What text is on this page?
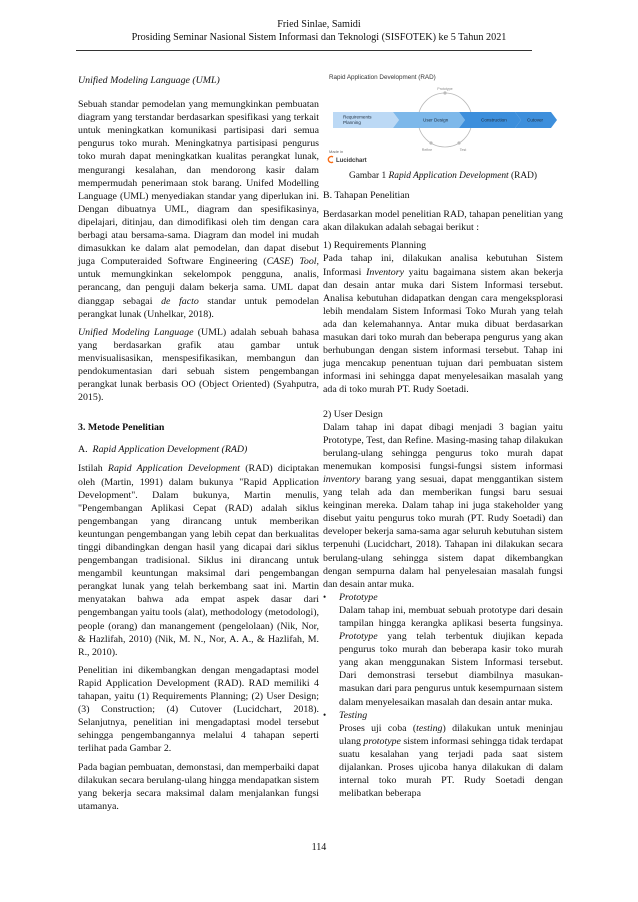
Fried Sinlae, Samidi
Prosiding Seminar Nasional Sistem Informasi dan Teknologi (SISFOTEK) ke 5 Tahun 2021
Unified Modeling Language (UML)

Sebuah standar pemodelan yang memungkinkan pembuatan diagram yang terstandar berdasarkan spesifikasi yang terkait untuk meningkatkan komunikasi partisipasi dari semua pengurus toko murah. Meningkatnya partisipasi pengurus toko murah dapat meningkatkan kualitas perangkat lunak, mengurangi kesalahan, dan mendorong kasir dalam mempermudah penerimaan stok barang. Unifed Modelling Language (UML) menyediakan standar yang diperlukan ini. Dengan dibuatnya UML, diagram dan spesifikasinya, dipelajari, ditinjau, dan dimodifikasi oleh tim dengan cara berbagi atau bersama-sama. Diagram dan model ini mudah dimasukkan ke dalam alat pemodelan, dan dapat disebut juga Computeraided Software Engineering (CASE) Tool, untuk memungkinkan sekelompok pengguna, analis, perancang, dan penguji dalam bekerja sama. UML dapat dianggap sebagai de facto standar untuk pemodelan perangkat lunak (Unhelkar, 2018).

Unified Modeling Language (UML) adalah sebuah bahasa yang berdasarkan grafik atau gambar untuk menvisualisasikan, menspesifikasikan, membangun dan pendokumentasian dari sebuah sistem pengembangan perangkat lunak berbasis OO (Object Oriented) (Syahputra, 2015).

3. Metode Penelitian
A. Rapid Application Development (RAD)

Istilah Rapid Application Development (RAD) diciptakan oleh (Martin, 1991) dalam bukunya "Rapid Application Development". Dalam bukunya, Martin menulis, "Pengembangan Aplikasi Cepat (RAD) adalah siklus pengembangan yang dirancang untuk memberikan keuntungan pengembangan yang lebih cepat dan berkualitas tinggi dibandingkan dengan hasil yang dicapai dari siklus pengembangan tradisional. Siklus ini dirancang untuk mengambil keuntungan maksimal dari pengembangan perangkat lunak yang telah berkembang saat ini. Martin menyatakan bahwa ada empat aspek dasar dari pengembangan yaitu tools (alat), methodology (metodologi), people (orang) dan manangement (pengelolaan) (Nik, Nor, & Hazlifah, 2010) (Nik, M. N., Nor, A. A., & Hazlifah, M. R., 2010).

Penelitian ini dikembangkan dengan mengadaptasi model Rapid Application Development (RAD). RAD memiliki 4 tahapan, yaitu (1) Requirements Planning; (2) User Design; (3) Construction; (4) Cutover (Lucidchart, 2018). Selanjutnya, penelitian ini mengadaptasi model tersebut sehingga pengembangannya melalui 4 tahapan seperti terlihat pada Gambar 2.

Pada bagian pembuatan, demonstasi, dan memperbaiki dapat dilakukan secara berulang-ulang hingga mendapatkan sistem yang bekerja secara maksimal dalam menjalankan fungsi utamanya.

Rapid Application Development (RAD)
Prototype
Refine	Test
Requirements
Planning
User Design	Construction	Cutover
Made in
Lucidchart
Gambar 1 Rapid Application Development (RAD)
B. Tahapan Penelitian

Berdasarkan model penelitian RAD, tahapan penelitian yang akan dilakukan adalah sebagai berikut :

1) Requirements Planning

Pada tahap ini, dilakukan analisa kebutuhan Sistem Informasi Inventory yaitu bagaimana sistem akan bekerja dan desain antar muka dari Sistem Informasi tersebut. Analisa kebutuhan didapatkan dengan cara mengeksplorasi lebih mendalam Sistem Informasi Toko Murah yang telah ada dan kelemahannya. Antar muka dibuat berdasarkan masukan dari toko murah dan beberapa pengurus yang akan berhubungan dengan sistem informasi tersebut. Tahap ini juga mencakup penentuan tujuan dari pembuatan sistem informasi ini sehingga dapat menyelesaikan masalah yang ada di toko murah PT. Rudy Soetadi.

2) User Design

Dalam tahap ini dapat dibagi menjadi 3 bagian yaitu Prototype, Test, dan Refine. Masing-masing tahap dilakukan berulang-ulang sehingga pengurus toko murah dapat menemukan komposisi fungsi-fungsi sistem informasi inventory barang yang sesuai, dapat menggantikan sistem yang telah ada dan memberikan fungsi baru sesuai keinginan mereka. Dalam tahap ini juga stakeholder yang disebut yaitu pengurus toko murah (PT. Rudy Soetadi) dan developer bekerja sama-sama agar seluruh kebutuhan sistem terpenuhi (Lucidchart, 2018). Tahapan ini dilakukan secara berulang-ulang sehingga sistem dapat dikembangkan dengan sempurna dalam hal penyelesaian masalah fungsi dan desain antar muka.

•	Prototype

Dalam tahap ini, membuat sebuah prototype dari desain tampilan hingga kerangka aplikasi beserta fungsinya. Prototype yang telah terbentuk diujikan kepada pengurus toko murah dan beberapa kasir toko murah yang akan menggunakan Sistem Informasi tersebut. Dari demonstrasi tersebut diambilnya masukan-masukan dari para pengurus untuk kesempurnaan sistem dalam menyelesaikan masalah dan desain antar muka.

•	Testing

Proses uji coba (testing) dilakukan untuk meninjau ulang prototype sistem informasi sehingga tidak terdapat suatu kesalahan yang terjadi pada saat sistem dijalankan. Proses ujicoba hanya dilakukan di dalam internal toko murah PT. Rudy Soetadi dengan melibatkan beberapa

114
